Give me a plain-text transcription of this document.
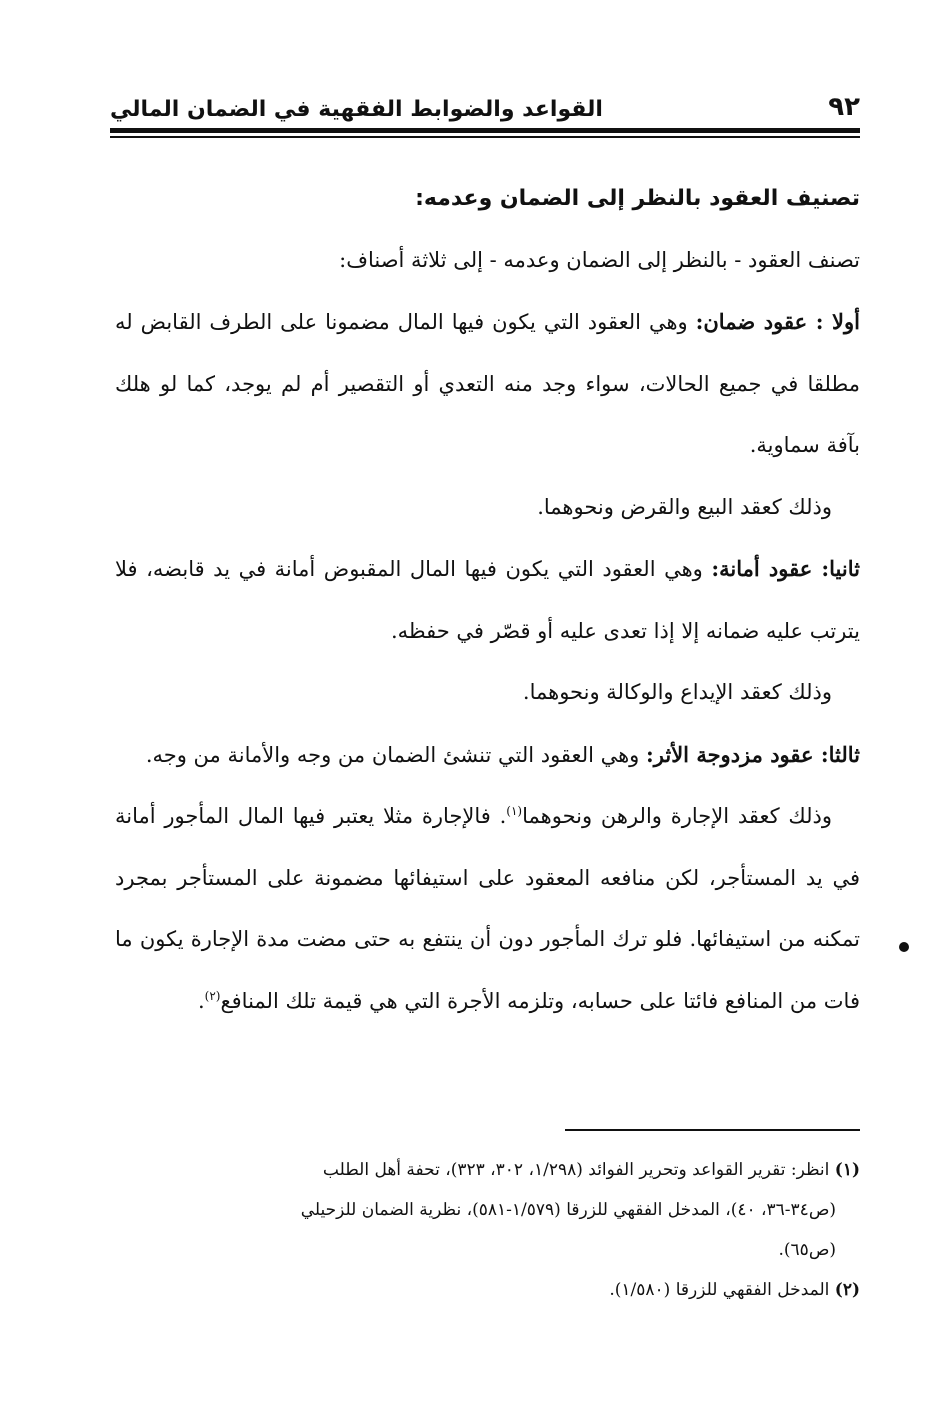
٩٢
القواعد والضوابط الفقهية في الضمان المالي

تصنيف العقود بالنظر إلى الضمان وعدمه:

تصنف العقود - بالنظر إلى الضمان وعدمه - إلى ثلاثة أصناف:

أولا : عقود ضمان: وهي العقود التي يكون فيها المال مضمونا على الطرف القابض له مطلقا في جميع الحالات، سواء وجد منه التعدي أو التقصير أم لم يوجد، كما لو هلك بآفة سماوية.

وذلك كعقد البيع والقرض ونحوهما.

ثانيا: عقود أمانة: وهي العقود التي يكون فيها المال المقبوض أمانة في يد قابضه، فلا يترتب عليه ضمانه إلا إذا تعدى عليه أو قصّر في حفظه.

وذلك كعقد الإيداع والوكالة ونحوهما.

ثالثا: عقود مزدوجة الأثر: وهي العقود التي تنشئ الضمان من وجه والأمانة من وجه.

وذلك كعقد الإجارة والرهن ونحوهما$^{(١)}$. فالإجارة مثلا يعتبر فيها المال المأجور أمانة في يد المستأجر، لكن منافعه المعقود على استيفائها مضمونة على المستأجر بمجرد تمكنه من استيفائها. فلو ترك المأجور دون أن ينتفع به حتى مضت مدة الإجارة يكون ما فات من المنافع فائتا على حسابه، وتلزمه الأجرة التي هي قيمة تلك المنافع$^{(٢)}$.

(١) انظر: تقرير القواعد وتحرير الفوائد (١/٢٩٨، ٣٠٢، ٣٢٣)، تحفة أهل الطلب

(ص٣٤-٣٦، ٤٠)، المدخل الفقهي للزرقا (١/٥٧٩-٥٨١)، نظرية الضمان للزحيلي

(ص٦٥).

(٢) المدخل الفقهي للزرقا (١/٥٨٠).
